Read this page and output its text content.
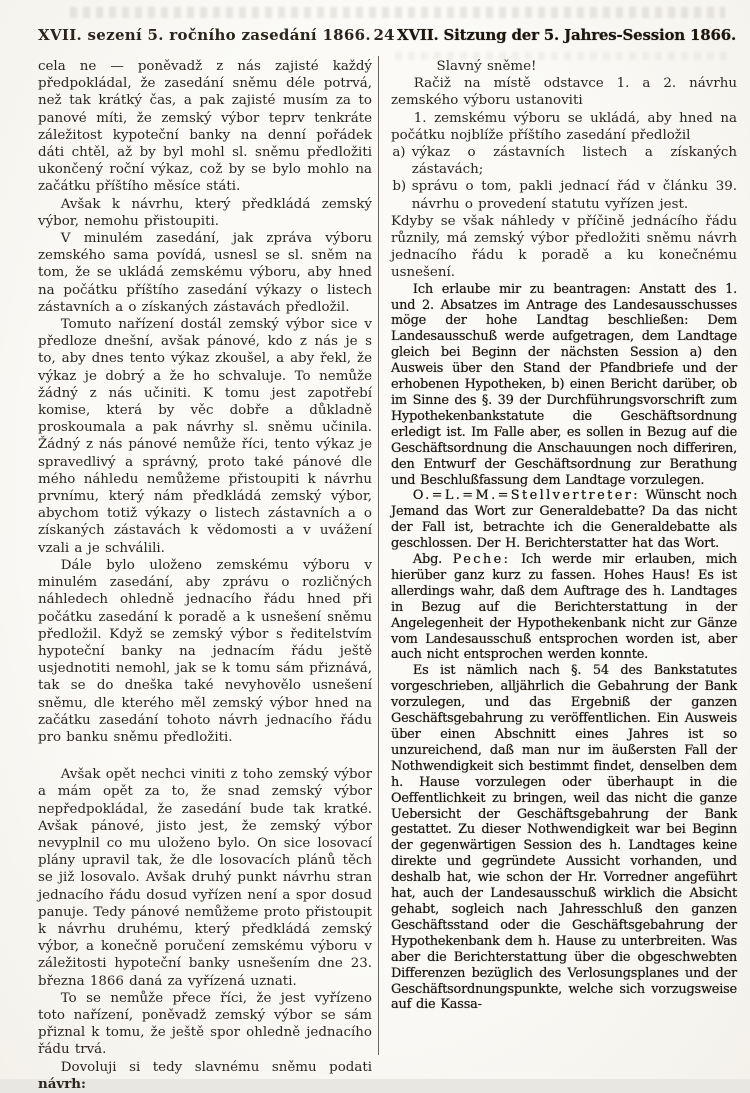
XVII. sezení 5. ročního zasedání 1866. 24 XVII. Sitzung der 5. Jahres-Session 1866.

cela ne — poněvadž z nás zajisté každý předpokládal, že zasedání sněmu déle potrvá, než tak krátký čas, a pak zajisté musím za to panové míti, že zemský výbor teprv tenkráte záležitost kypoteční banky na denní pořádek dáti chtěl, až by byl mohl sl. sněmu předložiti ukončený roční výkaz, což by se bylo mohlo na začátku příštího měsíce státi.

Avšak k návrhu, který předkládá zemský výbor, nemohu přistoupiti.

V minulém zasedání, jak zpráva výboru zemského sama povídá, usnesl se sl. sněm na tom, že se ukládá zemskému výboru, aby hned na počátku příštího zasedání výkazy o listech zástavních a o získaných zástavách předložil.

Tomuto nařízení dostál zemský výbor sice v předloze dnešní, avšak pánové, kdo z nás je s to, aby dnes tento výkaz zkoušel, a aby řekl, že výkaz je dobrý a že ho schvaluje. To nemůže žádný z nás učiniti. K tomu jest zapotřebí komise, která by věc dobře a důkladně proskoumala a pak návrhy sl. sněmu učinila. Žádný z nás pánové nemůže říci, tento výkaz je spravedlivý a správný, proto také pánové dle mého náhledu nemůžeme přistoupiti k návrhu prvnímu, který nám předkládá zemský výbor, abychom totiž výkazy o listech zástavních a o získaných zástavách k vědomosti a v uvážení vzali a je schválili.

Dále bylo uloženo zemskému výboru v minulém zasedání, aby zprávu o rozličných náhledech ohledně jednacího řádu hned při počátku zasedání k poradě a k usnešení sněmu předložil. Když se zemský výbor s ředitelstvím hypoteční banky na jednacím řádu ještě usjednotiti nemohl, jak se k tomu sám přiznává, tak se do dneška také nevyhovělo usnešení sněmu, dle kterého měl zemský výbor hned na začátku zasedání tohoto návrh jednacího řádu pro banku sněmu předložiti.

Avšak opět nechci viniti z toho zemský výbor a mám opět za to, že snad zemský výbor nepředpokládal, že zasedání bude tak kratké. Avšak pánové, jisto jest, že zemský výbor nevyplnil co mu uloženo bylo. On sice losovací plány upravil tak, že dle losovacích plánů těch se již losovalo. Avšak druhý punkt návrhu stran jednacího řádu dosud vyřízen není a spor dosud panuje. Tedy pánové nemůžeme proto přistoupit k návrhu druhému, který předkládá zemský výbor, a konečně poručení zemskému výboru v záležitosti hypoteční banky usnešením dne 23. března 1866 daná za vyřízená uznati.

To se nemůže přece říci, že jest vyřízeno toto nařízení, poněvadž zemský výbor se sám přiznal k tomu, že ještě spor ohledně jednacího řádu trvá.

Dovoluji si tedy slavnému sněmu podati návrh:

Slavný sněme!

Račiž na místě odstavce 1. a 2. návrhu zemského výboru ustanoviti

1. zemskému výboru se ukládá, aby hned na počátku nojblíže příštího zasedání předložil

a) výkaz o zástavních listech a získaných zástavách;

b) správu o tom, pakli jednací řád v článku 39. návrhu o provedení statutu vyřízen jest.

Kdyby se však náhledy v příčině jednácího řádu různily, má zemský výbor předložiti sněmu návrh jednacího řádu k poradě a ku konečnému usnešení.

Ich erlaube mir zu beantragen: Anstatt des 1. und 2. Absatzes im Antrage des Landesausschusses möge der hohe Landtag beschließen: Dem Landesausschuß werde aufgetragen, dem Landtage gleich bei Beginn der nächsten Session a) den Ausweis über den Stand der Pfandbriefe und der erhobenen Hypotheken, b) einen Bericht darüber, ob im Sinne des §. 39 der Durchführungsvorschrift zum Hypothekenbankstatute die Geschäftsordnung erledigt ist. Im Falle aber, es sollen in Bezug auf die Geschäftsordnung die Anschauungen noch differiren, den Entwurf der Geschäftsordnung zur Berathung und Beschlußfassung dem Landtage vorzulegen.

O.=L.=M.=Stellvertreter: Wünscht noch Jemand das Wort zur Generaldebatte? Da das nicht der Fall ist, betrachte ich die Generaldebatte als geschlossen. Der H. Berichterstatter hat das Wort.

Abg. Peche: Ich werde mir erlauben, mich hierüber ganz kurz zu fassen. Hohes Haus! Es ist allerdings wahr, daß dem Auftrage des h. Landtages in Bezug auf die Berichterstattung in der Angelegenheit der Hypothekenbank nicht zur Gänze vom Landesausschuß entsprochen worden ist, aber auch nicht entsprochen werden konnte.

Es ist nämlich nach §. 54 des Bankstatutes vorgeschrieben, alljährlich die Gebahrung der Bank vorzulegen, und das Ergebniß der ganzen Geschäftsgebahrung zu veröffentlichen. Ein Ausweis über einen Abschnitt eines Jahres ist so unzureichend, daß man nur im äußersten Fall der Nothwendigkeit sich bestimmt findet, denselben dem h. Hause vorzulegen oder überhaupt in die Oeffentlichkeit zu bringen, weil das nicht die ganze Uebersicht der Geschäftsgebahrung der Bank gestattet. Zu dieser Nothwendigkeit war bei Beginn der gegenwärtigen Session des h. Landtages keine direkte und gegründete Aussicht vorhanden, und deshalb hat, wie schon der Hr. Vorredner angeführt hat, auch der Landesausschuß wirklich die Absicht gehabt, sogleich nach Jahresschluß den ganzen Geschäftsstand oder die Geschäftsgebahrung der Hypothekenbank dem h. Hause zu unterbreiten. Was aber die Berichterstattung über die obgeschwebten Differenzen bezüglich des Verlosungsplanes und der Geschäftsordnungspunkte, welche sich vorzugsweise auf die Kassa-
